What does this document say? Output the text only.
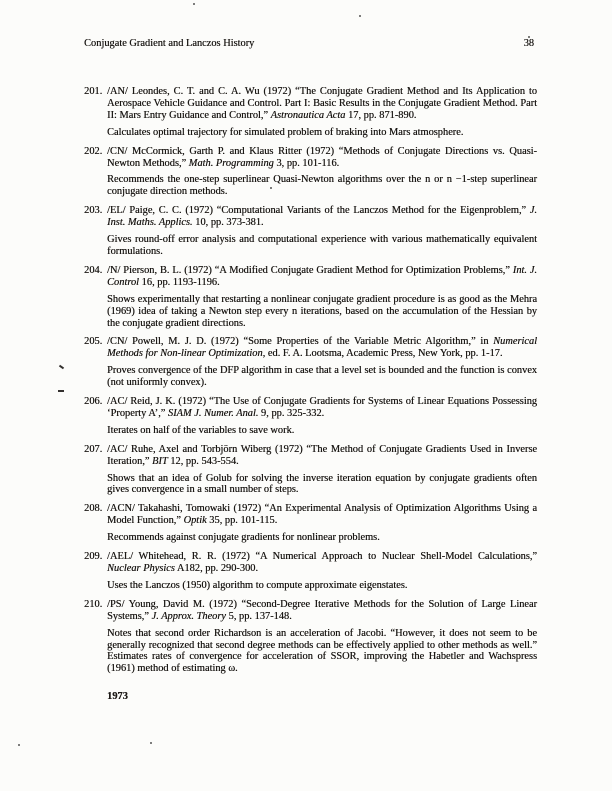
Conjugate Gradient and Lanczos History	38
201. /AN/ Leondes, C. T. and C. A. Wu (1972) “The Conjugate Gradient Method and Its Application to Aerospace Vehicle Guidance and Control. Part I: Basic Results in the Conjugate Gradient Method. Part II: Mars Entry Guidance and Control,” Astronautica Acta 17, pp. 871-890.

Calculates optimal trajectory for simulated problem of braking into Mars atmosphere.

202. /CN/ McCormick, Garth P. and Klaus Ritter (1972) “Methods of Conjugate Directions vs. Quasi-Newton Methods,” Math. Programming 3, pp. 101-116.

Recommends the one-step superlinear Quasi-Newton algorithms over the n or n −1-step superlinear conjugate direction methods.

203. /EL/ Paige, C. C. (1972) “Computational Variants of the Lanczos Method for the Eigenproblem,” J. Inst. Maths. Applics. 10, pp. 373-381.

Gives round-off error analysis and computational experience with various mathematically equivalent formulations.

204. /N/ Pierson, B. L. (1972) “A Modified Conjugate Gradient Method for Optimization Problems,” Int. J. Control 16, pp. 1193-1196.

Shows experimentally that restarting a nonlinear conjugate gradient procedure is as good as the Mehra (1969) idea of taking a Newton step every n iterations, based on the accumulation of the Hessian by the conjugate gradient directions.

205. /CN/ Powell, M. J. D. (1972) “Some Properties of the Variable Metric Algorithm,” in Numerical Methods for Non-linear Optimization, ed. F. A. Lootsma, Academic Press, New York, pp. 1-17.

Proves convergence of the DFP algorithm in case that a level set is bounded and the function is convex (not uniformly convex).

206. /AC/ Reid, J. K. (1972) “The Use of Conjugate Gradients for Systems of Linear Equations Possessing ‘Property A’,” SIAM J. Numer. Anal. 9, pp. 325-332.

Iterates on half of the variables to save work.

207. /AC/ Ruhe, Axel and Torbjörn Wiberg (1972) “The Method of Conjugate Gradients Used in Inverse Iteration,” BIT 12, pp. 543-554.

Shows that an idea of Golub for solving the inverse iteration equation by conjugate gradients often gives convergence in a small number of steps.

208. /ACN/ Takahashi, Tomowaki (1972) “An Experimental Analysis of Optimization Algorithms Using a Model Function,” Optik 35, pp. 101-115.

Recommends against conjugate gradients for nonlinear problems.

209. /AEL/ Whitehead, R. R. (1972) “A Numerical Approach to Nuclear Shell-Model Calculations,” Nuclear Physics A182, pp. 290-300.

Uses the Lanczos (1950) algorithm to compute approximate eigenstates.

210. /PS/ Young, David M. (1972) “Second-Degree Iterative Methods for the Solution of Large Linear Systems,” J. Approx. Theory 5, pp. 137-148.

Notes that second order Richardson is an acceleration of Jacobi. “However, it does not seem to be generally recognized that second degree methods can be effectively applied to other methods as well.” Estimates rates of convergence for acceleration of SSOR, improving the Habetler and Wachspress (1961) method of estimating ω.

1973
